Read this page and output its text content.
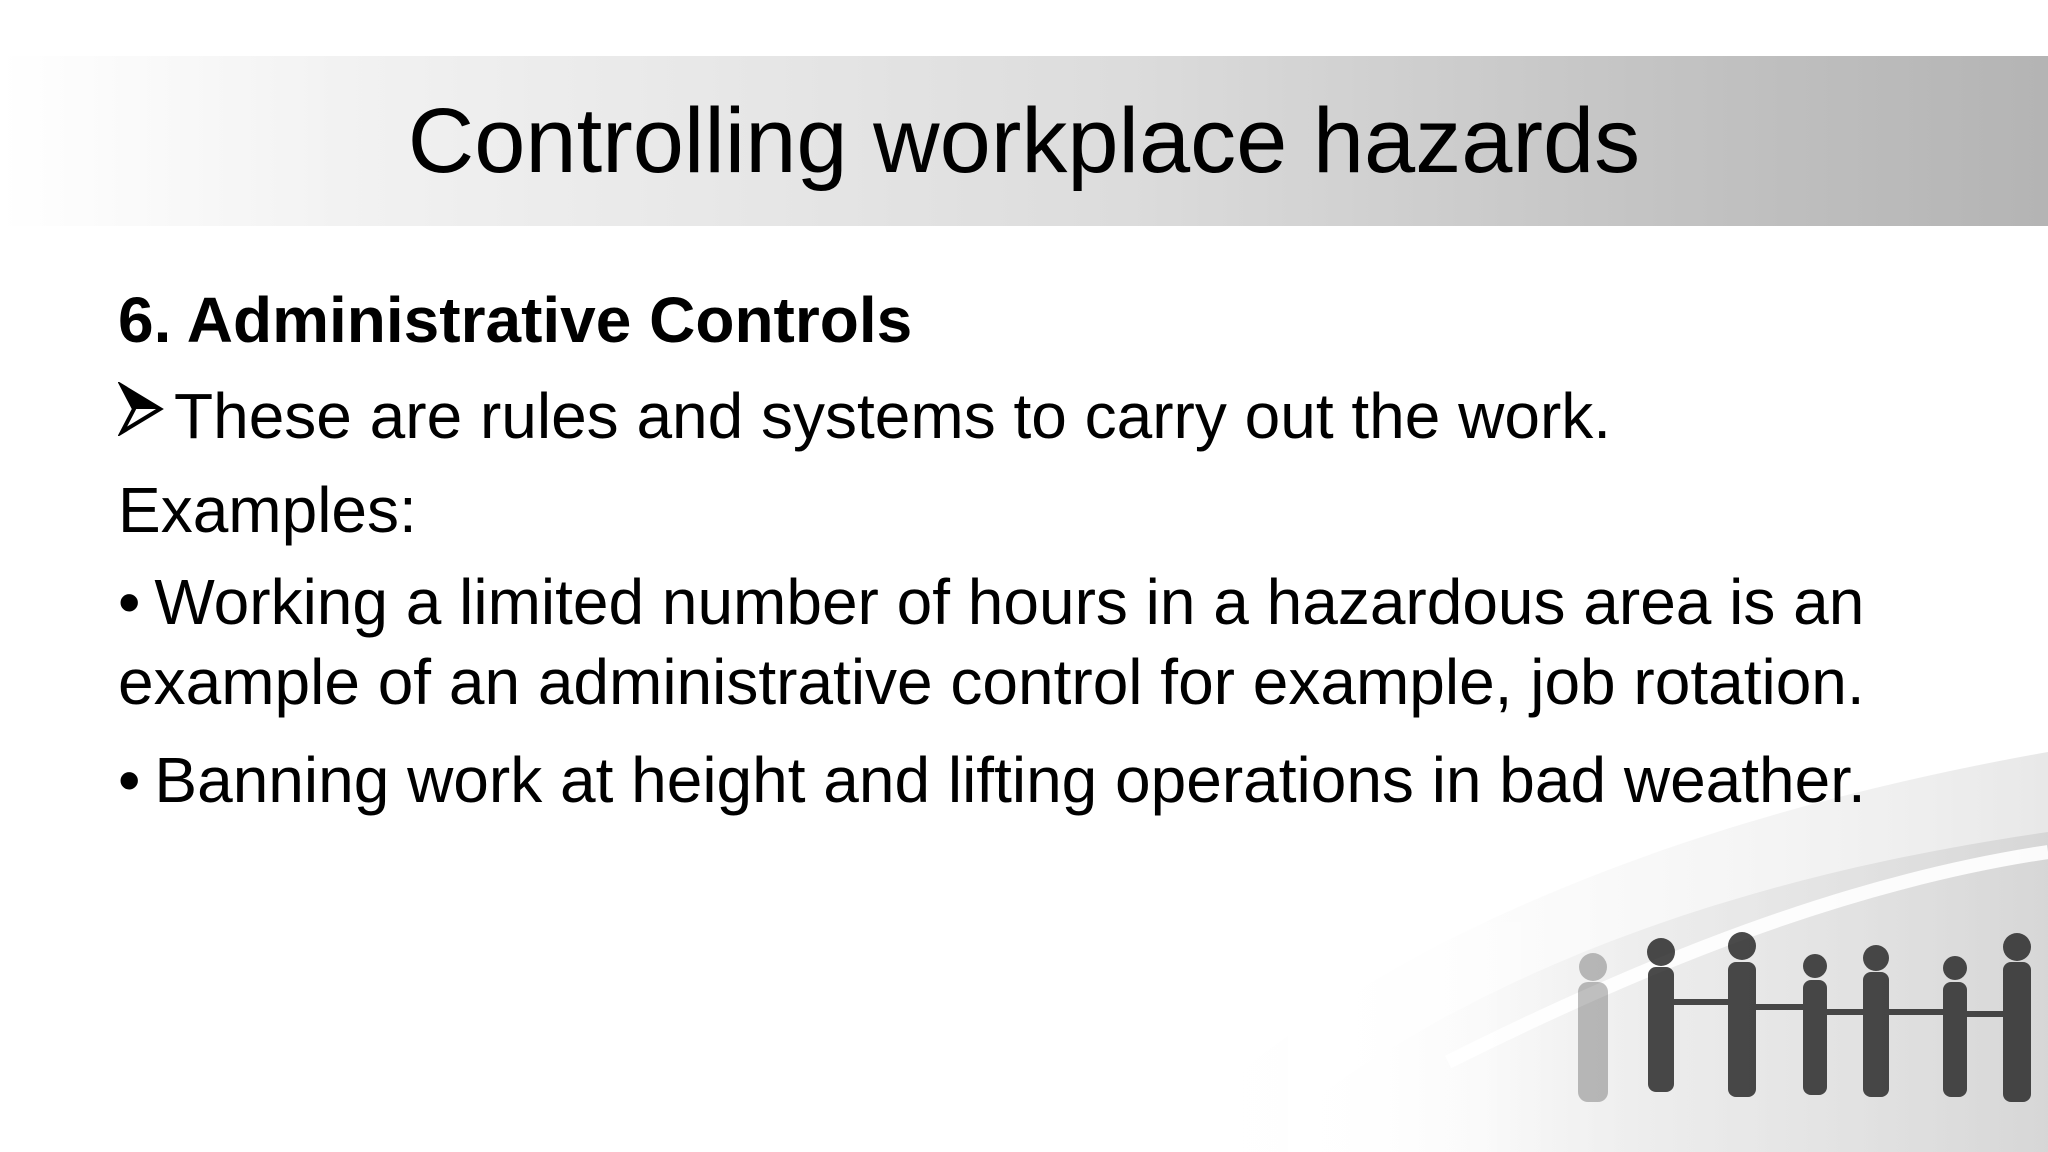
Controlling workplace hazards
6. Administrative Controls
These are rules and systems to carry out the work.
Examples:
• Working a limited number of hours in a hazardous area is an example of an administrative control for example, job rotation.
• Banning work at height and lifting operations in bad weather.
